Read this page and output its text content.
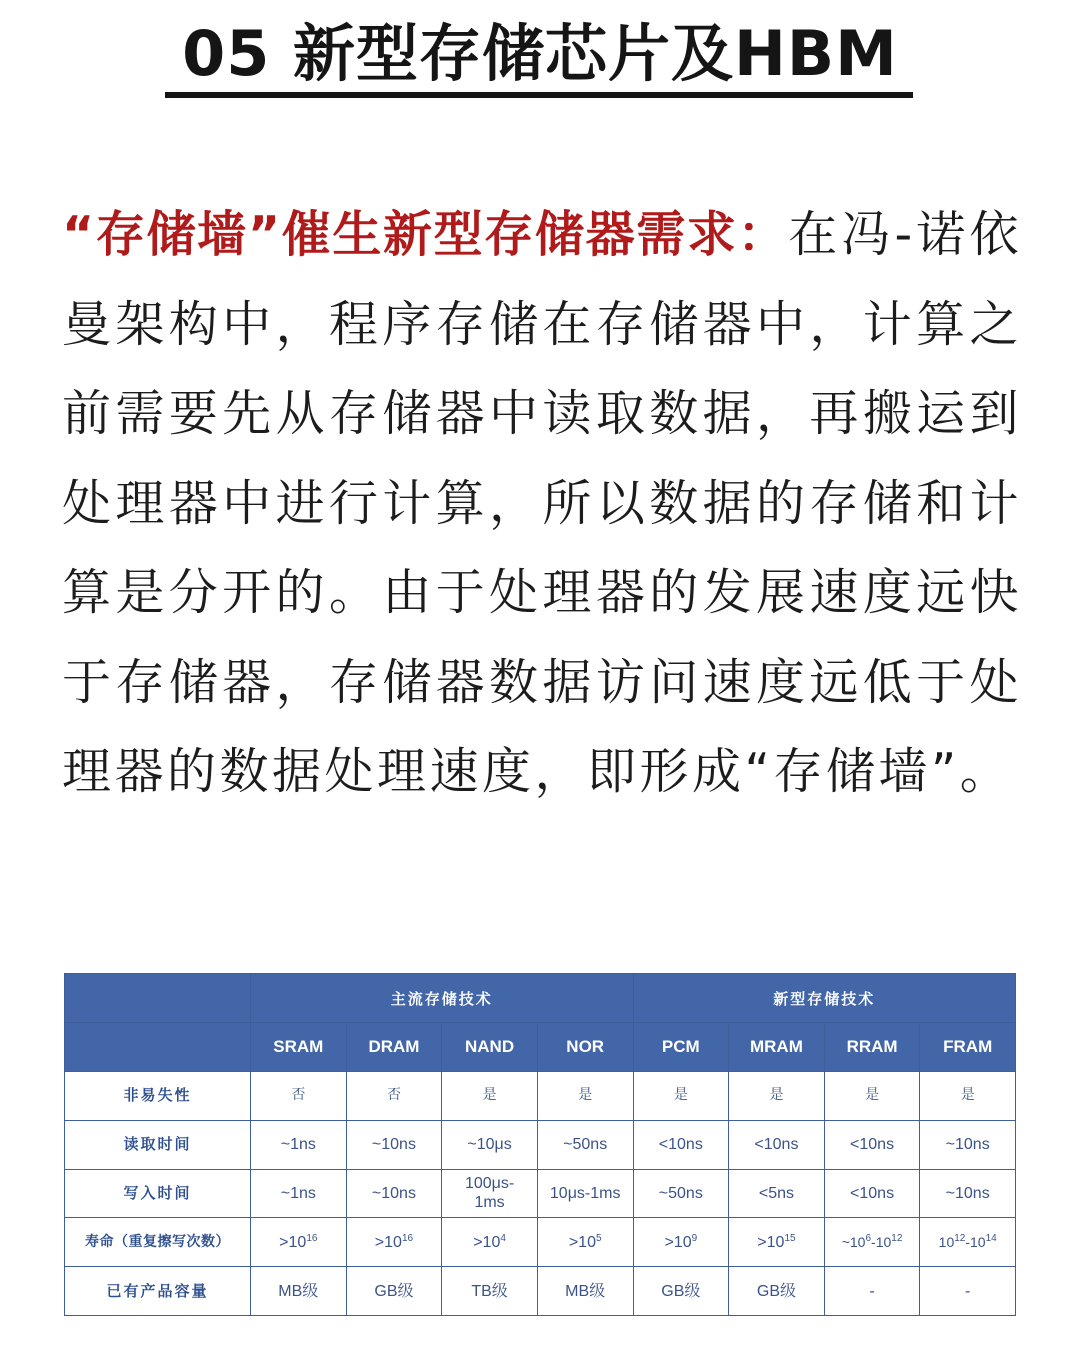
05 新型存储芯片及HBM

“存储墙”催生新型存储器需求：在冯-诺依曼架构中，程序存储在存储器中，计算之前需要先从存储器中读取数据，再搬运到处理器中进行计算，所以数据的存储和计算是分开的。由于处理器的发展速度远快于存储器，存储器数据访问速度远低于处理器的数据处理速度，即形成“存储墙”。

	主流存储技术				新型存储技术			
	SRAM	DRAM	NAND	NOR	PCM	MRAM	RRAM	FRAM
非易失性	否	否	是	是	是	是	是	是
读取时间	~1ns	~10ns	~10μs	~50ns	<10ns	<10ns	<10ns	~10ns
写入时间	~1ns	~10ns	100μs-1ms	10μs-1ms	~50ns	<5ns	<10ns	~10ns
寿命（重复擦写次数）	$>10^{16}$	$>10^{16}$	$>10^4$	$>10^5$	$>10^9$	$>10^{15}$	$\sim 10^6-10^{12}$	$10^{12}-10^{14}$
已有产品容量	MB级	GB级	TB级	MB级	GB级	GB级	-	-
